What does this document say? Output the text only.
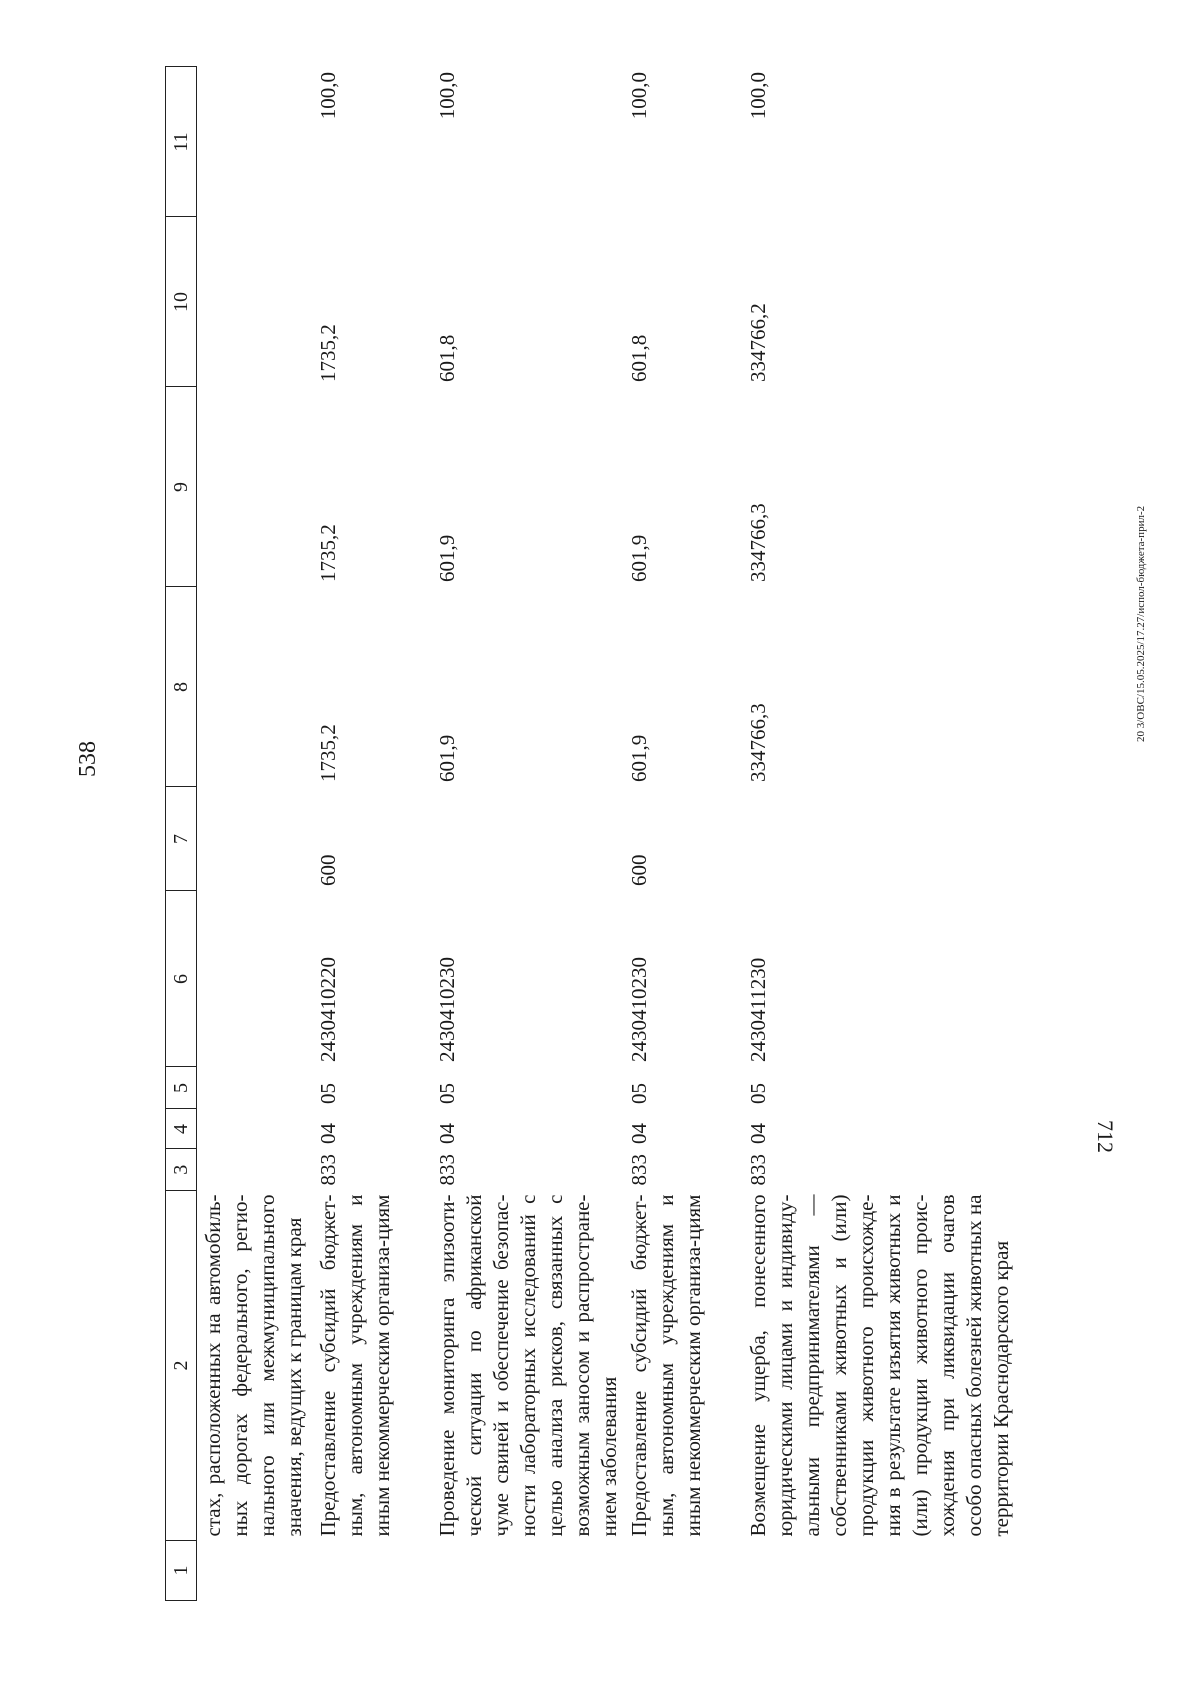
538
1	2	3	4	5	6	7	8	9	10	11
	стах, расположенных на автомобиль-ных дорогах федерального, регио-нального или межмуниципального значения, ведущих к границам края									
	Предоставление субсидий бюджет-ным, автономным учреждениям и иным некоммерческим организа-циям	833	04	05	2430410220	600	1735,2	1735,2	1735,2	100,0
	Проведение мониторинга эпизооти-ческой ситуации по африканской чуме свиней и обеспечение безопас-ности лабораторных исследований с целью анализа рисков, связанных с возможным заносом и распростране-нием заболевания	833	04	05	2430410230		601,9	601,9	601,8	100,0
	Предоставление субсидий бюджет-ным, автономным учреждениям и иным некоммерческим организа-циям	833	04	05	2430410230	600	601,9	601,9	601,8	100,0
	Возмещение ущерба, понесенного юридическими лицами и индивиду-альными предпринимателями — собственниками животных и (или) продукции животного происхожде-ния в результате изъятия животных и (или) продукции животного проис-хождения при ликвидации очагов особо опасных болезней животных на территории Краснодарского края	833	04	05	2430411230		334766,3	334766,3	334766,2	100,0
20 3/ОВС/15.05.2025/17.27/испол-бюджета-прил-2
712
